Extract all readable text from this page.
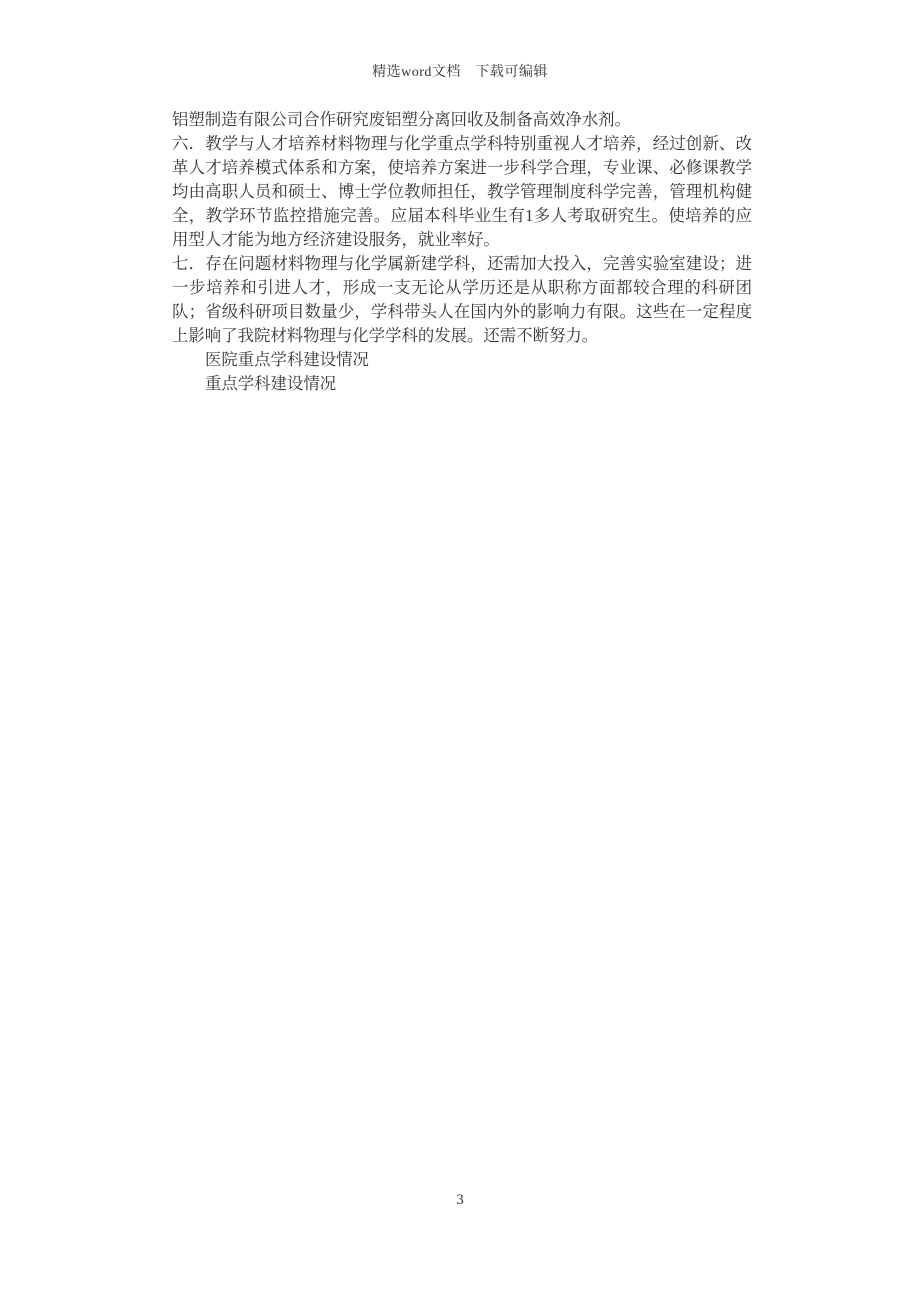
精选word文档　下载可编辑

铝塑制造有限公司合作研究废铝塑分离回收及制备高效净水剂。

六．教学与人才培养材料物理与化学重点学科特别重视人才培养，经过创新、改革人才培养模式体系和方案，使培养方案进一步科学合理，专业课、必修课教学均由高职人员和硕士、博士学位教师担任，教学管理制度科学完善，管理机构健全，教学环节监控措施完善。应届本科毕业生有1多人考取研究生。使培养的应用型人才能为地方经济建设服务，就业率好。

七．存在问题材料物理与化学属新建学科，还需加大投入，完善实验室建设；进一步培养和引进人才，形成一支无论从学历还是从职称方面都较合理的科研团队；省级科研项目数量少，学科带头人在国内外的影响力有限。这些在一定程度上影响了我院材料物理与化学学科的发展。还需不断努力。

医院重点学科建设情况

重点学科建设情况

3
